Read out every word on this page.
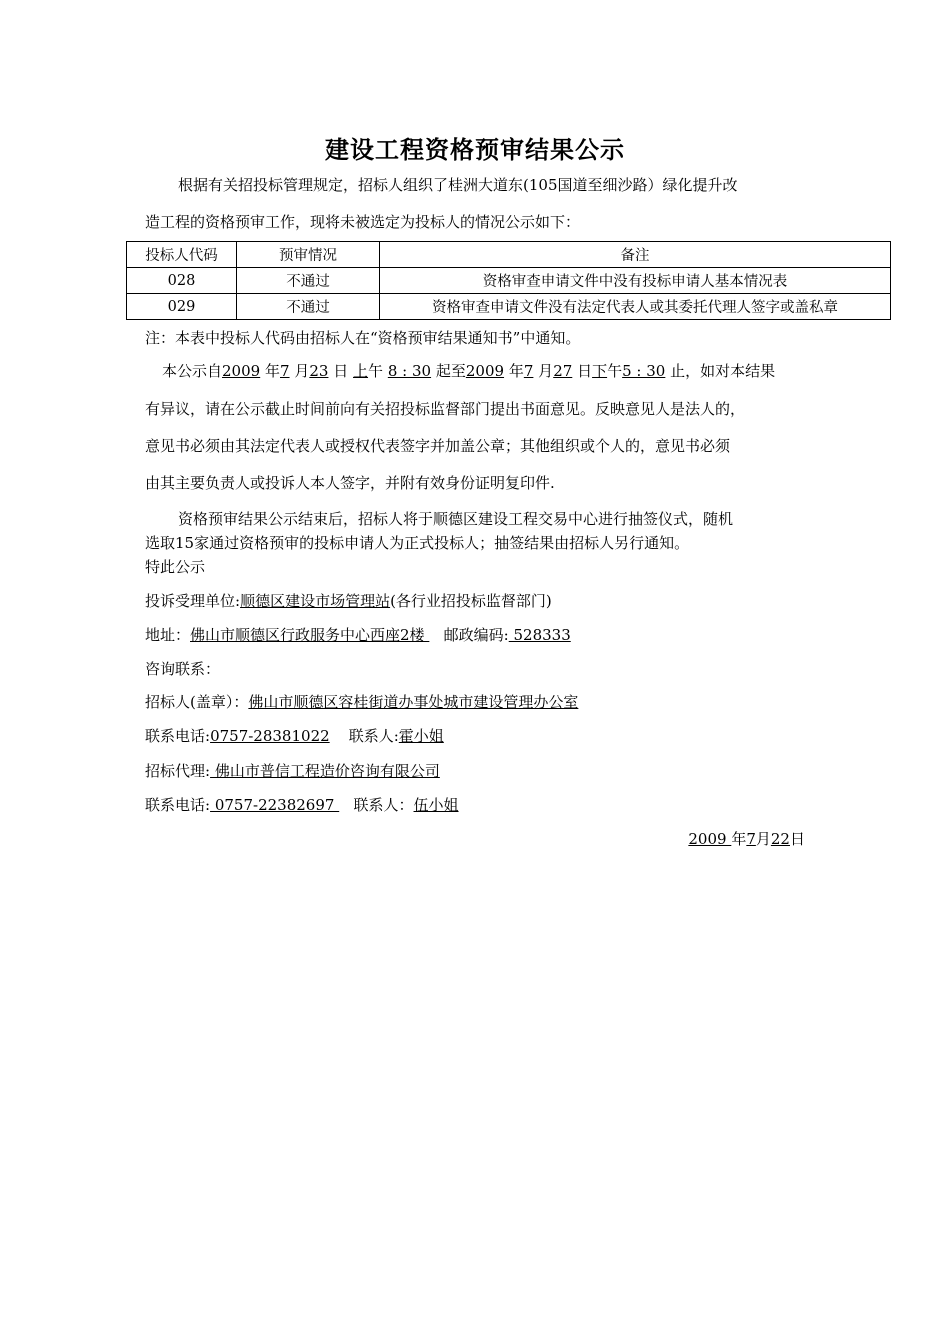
建设工程资格预审结果公示
根据有关招投标管理规定，招标人组织了桂洲大道东(105国道至细沙路）绿化提升改
造工程的资格预审工作，现将未被选定为投标人的情况公示如下：
投标人代码	预审情况	备注
028	不通过	资格审查申请文件中没有投标申请人基本情况表
029	不通过	资格审查申请文件没有法定代表人或其委托代理人签字或盖私章
注：本表中投标人代码由招标人在“资格预审结果通知书”中通知。
本公示自2009 年7 月23 日 上午 8 : 30 起至2009 年7 月27 日下午5 : 30 止，如对本结果
有异议，请在公示截止时间前向有关招投标监督部门提出书面意见。反映意见人是法人的，
意见书必须由其法定代表人或授权代表签字并加盖公章；其他组织或个人的，意见书必须
由其主要负责人或投诉人本人签字，并附有效身份证明复印件.
资格预审结果公示结束后，招标人将于顺德区建设工程交易中心进行抽签仪式，随机
选取15家通过资格预审的投标申请人为正式投标人；抽签结果由招标人另行通知。
特此公示
投诉受理单位:顺德区建设市场管理站(各行业招投标监督部门)
地址：佛山市顺德区行政服务中心西座2楼    邮政编码: 528333
咨询联系：
招标人(盖章）：佛山市顺德区容桂街道办事处城市建设管理办公室
联系电话:0757-28381022 联系人:霍小姐
招标代理: 佛山市普信工程造价咨询有限公司
联系电话: 0757-22382697    联系人：伍小姐
2009 年7月22日
